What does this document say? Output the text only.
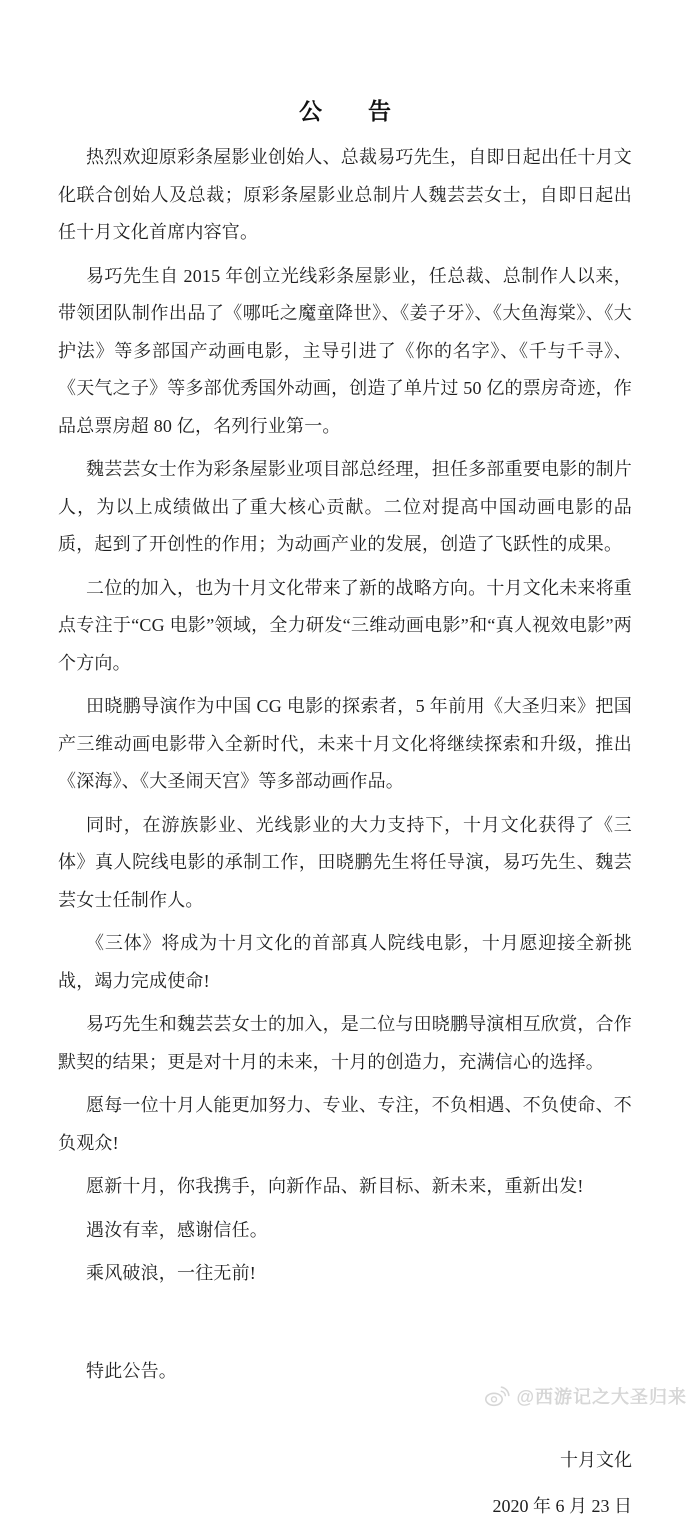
公　　告

热烈欢迎原彩条屋影业创始人、总裁易巧先生，自即日起出任十月文化联合创始人及总裁；原彩条屋影业总制片人魏芸芸女士，自即日起出任十月文化首席内容官。

易巧先生自 2015 年创立光线彩条屋影业，任总裁、总制作人以来，带领团队制作出品了《哪吒之魔童降世》、《姜子牙》、《大鱼海棠》、《大护法》等多部国产动画电影，主导引进了《你的名字》、《千与千寻》、《天气之子》等多部优秀国外动画，创造了单片过 50 亿的票房奇迹，作品总票房超 80 亿，名列行业第一。

魏芸芸女士作为彩条屋影业项目部总经理，担任多部重要电影的制片人，为以上成绩做出了重大核心贡献。二位对提高中国动画电影的品质，起到了开创性的作用；为动画产业的发展，创造了飞跃性的成果。

二位的加入，也为十月文化带来了新的战略方向。十月文化未来将重点专注于“CG 电影”领域，全力研发“三维动画电影”和“真人视效电影”两个方向。

田晓鹏导演作为中国 CG 电影的探索者，5 年前用《大圣归来》把国产三维动画电影带入全新时代，未来十月文化将继续探索和升级，推出《深海》、《大圣闹天宫》等多部动画作品。

同时，在游族影业、光线影业的大力支持下，十月文化获得了《三体》真人院线电影的承制工作，田晓鹏先生将任导演，易巧先生、魏芸芸女士任制作人。

《三体》将成为十月文化的首部真人院线电影，十月愿迎接全新挑战，竭力完成使命!

易巧先生和魏芸芸女士的加入，是二位与田晓鹏导演相互欣赏，合作默契的结果；更是对十月的未来，十月的创造力，充满信心的选择。

愿每一位十月人能更加努力、专业、专注，不负相遇、不负使命、不负观众!

愿新十月，你我携手，向新作品、新目标、新未来，重新出发!

遇汝有幸，感谢信任。

乘风破浪，一往无前!

特此公告。

十月文化

2020 年 6 月 23 日

@西游记之大圣归来
